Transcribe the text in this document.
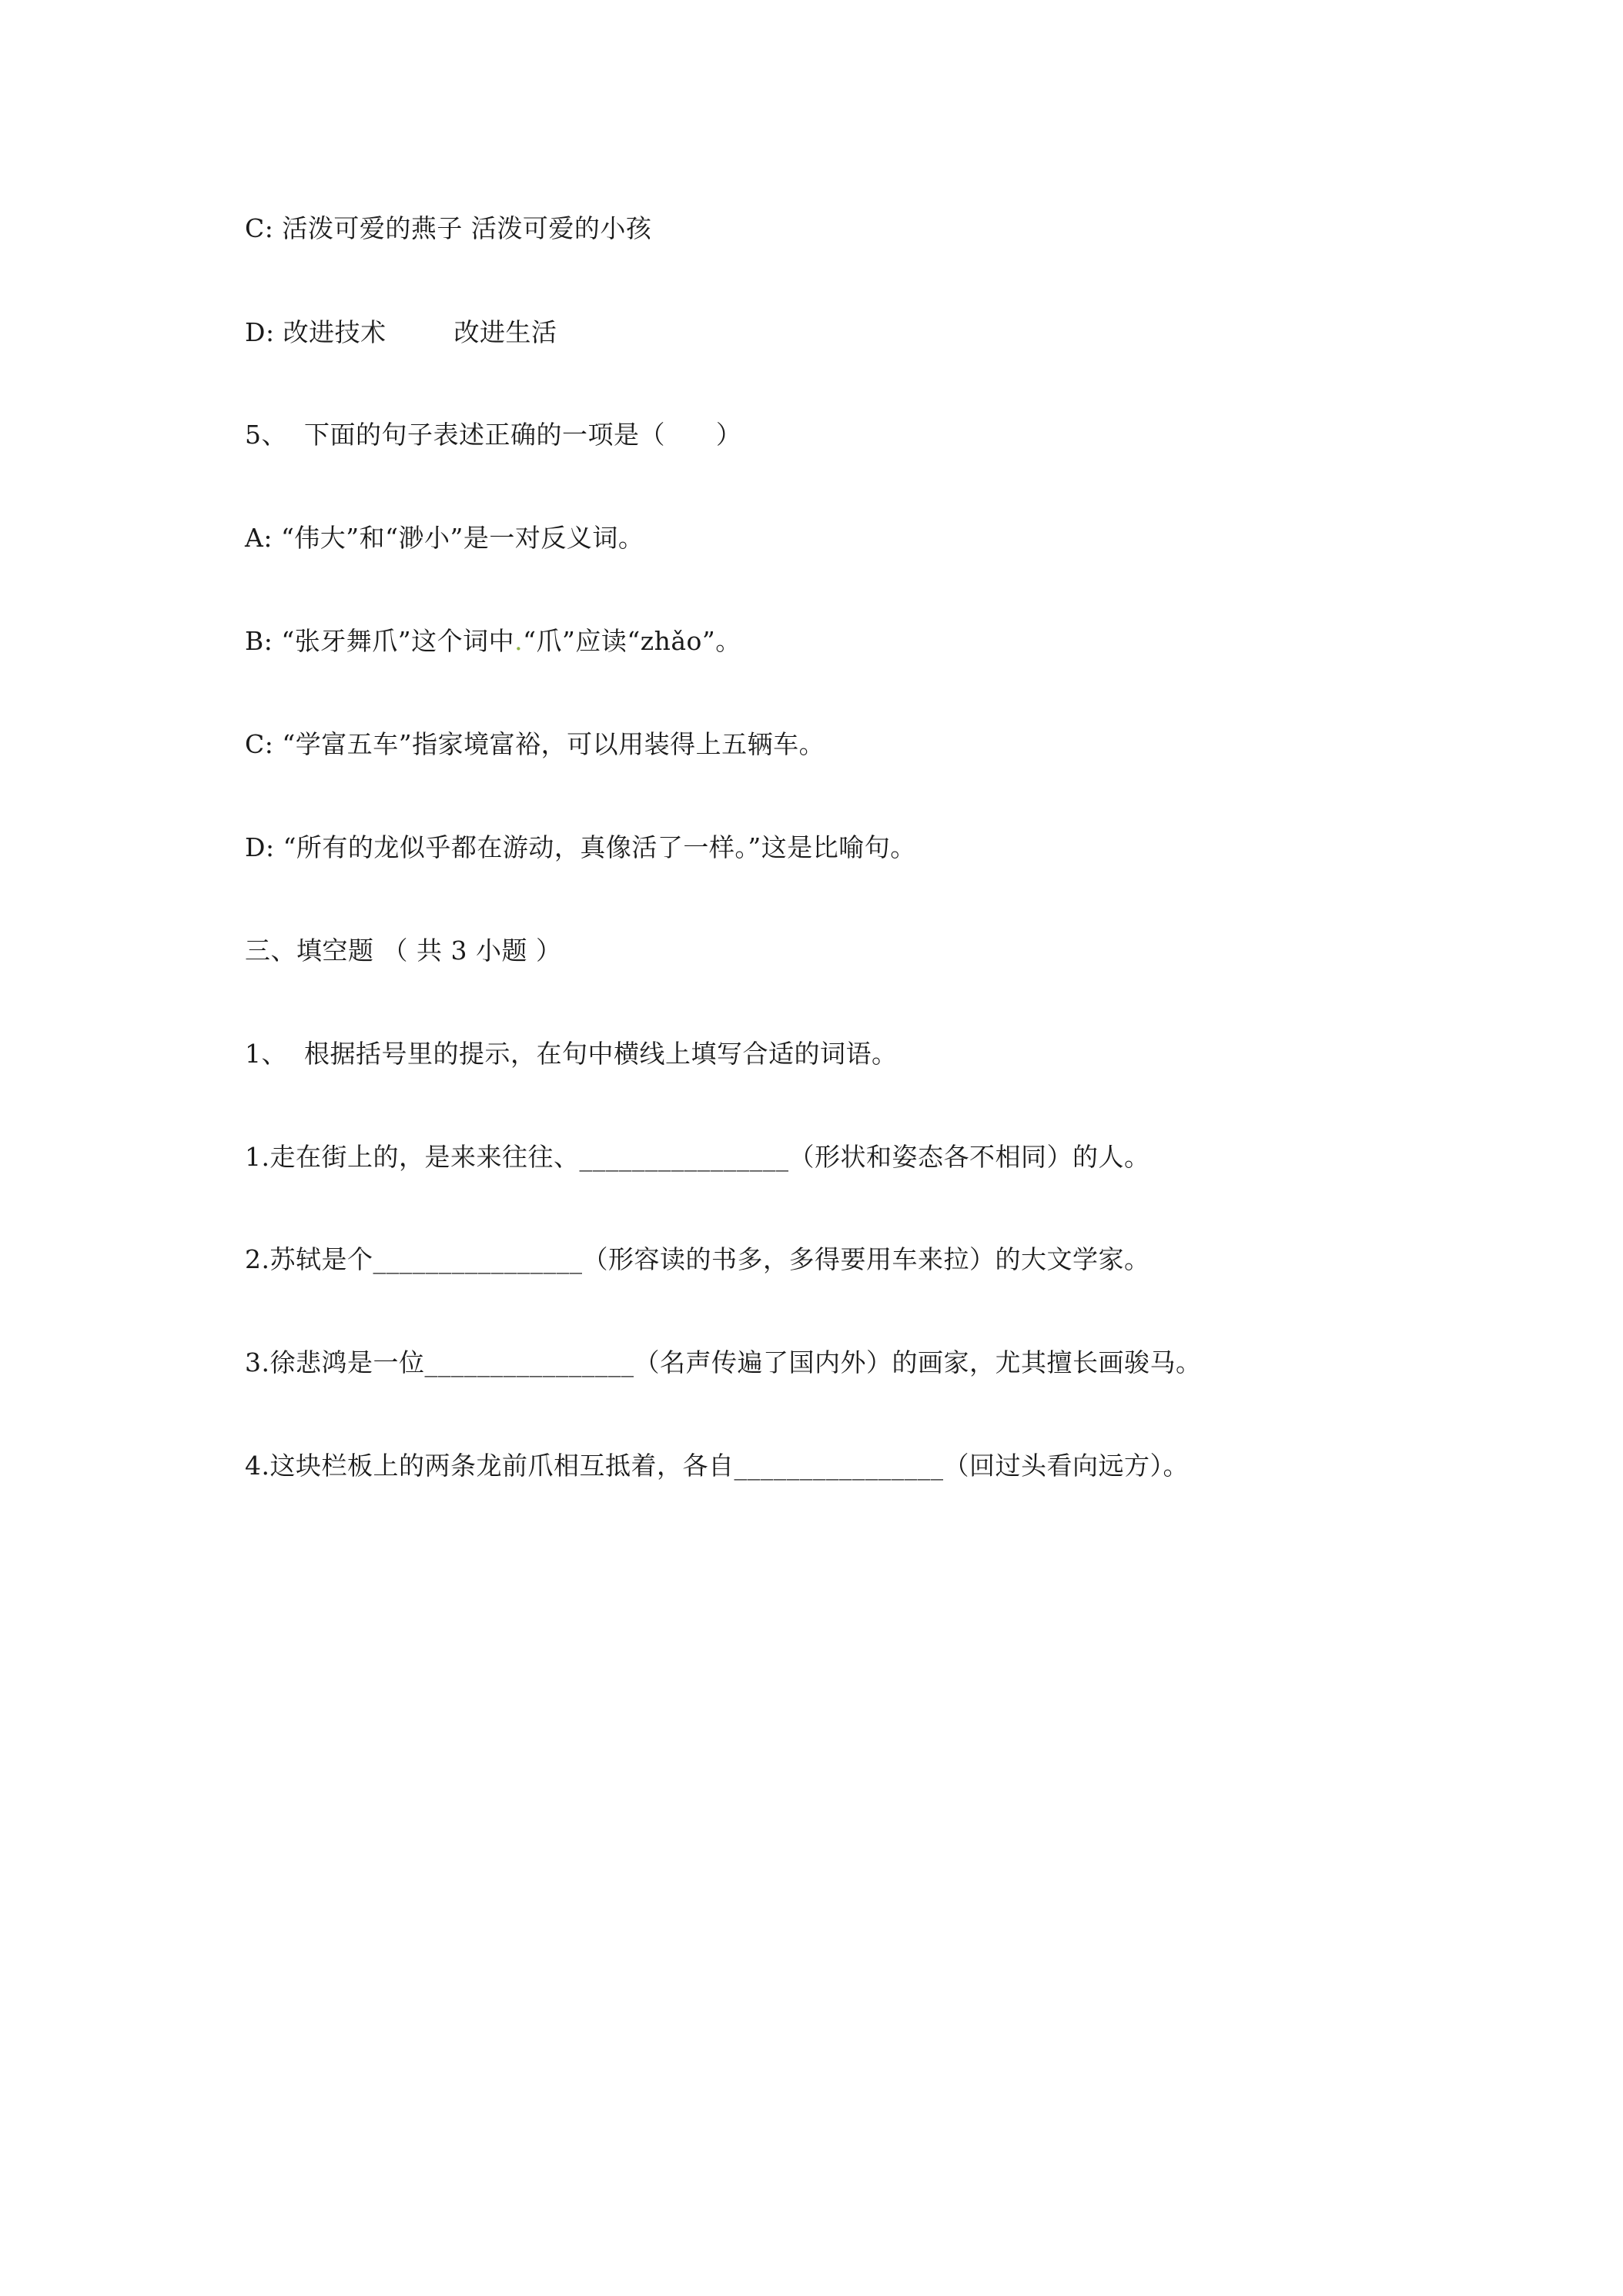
C: 活泼可爱的燕子 活泼可爱的小孩
D: 改进技术        改进生活
5、  下面的句子表述正确的一项是（      ）
A: “伟大”和“渺小”是一对反义词。
B: “张牙舞爪”这个词中.“爪”应读“zhǎo”。
C: “学富五车”指家境富裕，可以用装得上五辆车。
D: “所有的龙似乎都在游动，真像活了一样。”这是比喻句。
三、填空题 （ 共 3 小题 ）
1、  根据括号里的提示，在句中横线上填写合适的词语。
1.走在街上的，是来来往往、________________（形状和姿态各不相同）的人。
2.苏轼是个________________（形容读的书多，多得要用车来拉）的大文学家。
3.徐悲鸿是一位________________（名声传遍了国内外）的画家，尤其擅长画骏马。
4.这块栏板上的两条龙前爪相互抵着，各自________________（回过头看向远方）。
